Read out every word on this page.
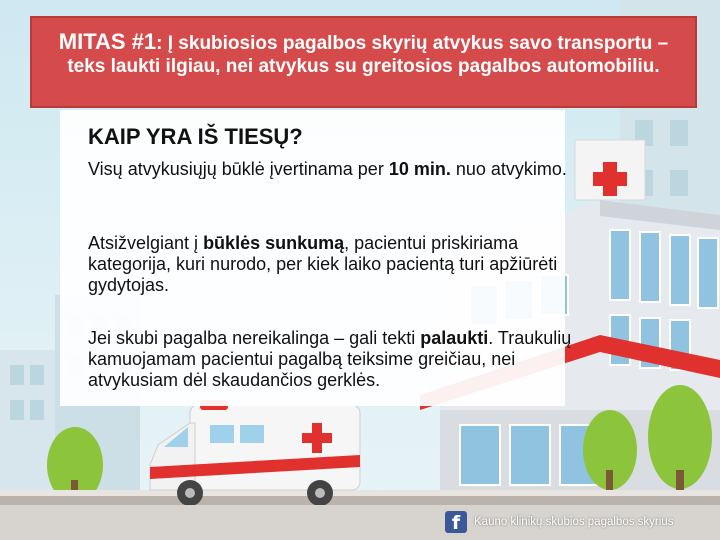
MITAS #1: Į skubiosios pagalbos skyrių atvykus savo transportu – teks laukti ilgiau, nei atvykus su greitosios pagalbos automobiliu.
KAIP YRA IŠ TIESŲ?
Visų atvykusiųjų būklė įvertinama per 10 min. nuo atvykimo.
Atsižvelgiant į būklės sunkumą, pacientui priskiriama kategorija, kuri nurodo, per kiek laiko pacientą turi apžiūrėti gydytojas.
Jei skubi pagalba nereikalinga – gali tekti palaukti. Traukulių kamuojamam pacientui pagalbą teiksime greičiau, nei atvykusiam dėl skaudančios gerklės.
f	Kauno klinikų skubios pagalbos skyrius
